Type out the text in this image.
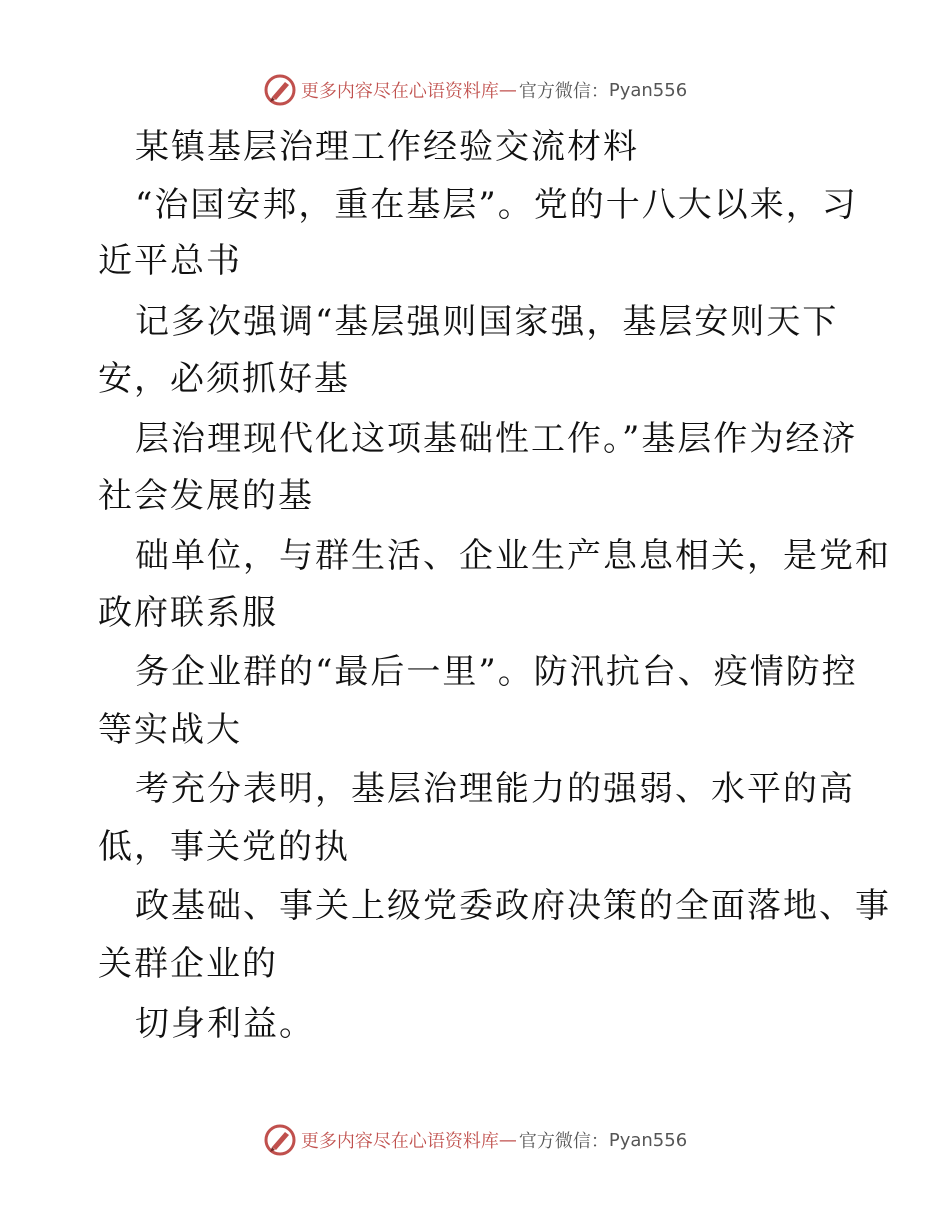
更多内容尽在心语资料库 — 官方微信： Pyan556
某镇基层治理工作经验交流材料
“治国安邦，重在基层”。党的十八大以来，习
近平总书
记多次强调“基层强则国家强，基层安则天下
安，必须抓好基
层治理现代化这项基础性工作。”基层作为经济
社会发展的基
础单位，与群生活、企业生产息息相关，是党和
政府联系服
务企业群的“最后一里”。防汛抗台、疫情防控
等实战大
考充分表明，基层治理能力的强弱、水平的高
低，事关党的执
政基础、事关上级党委政府决策的全面落地、事
关群企业的
切身利益。
更多内容尽在心语资料库 — 官方微信： Pyan556
